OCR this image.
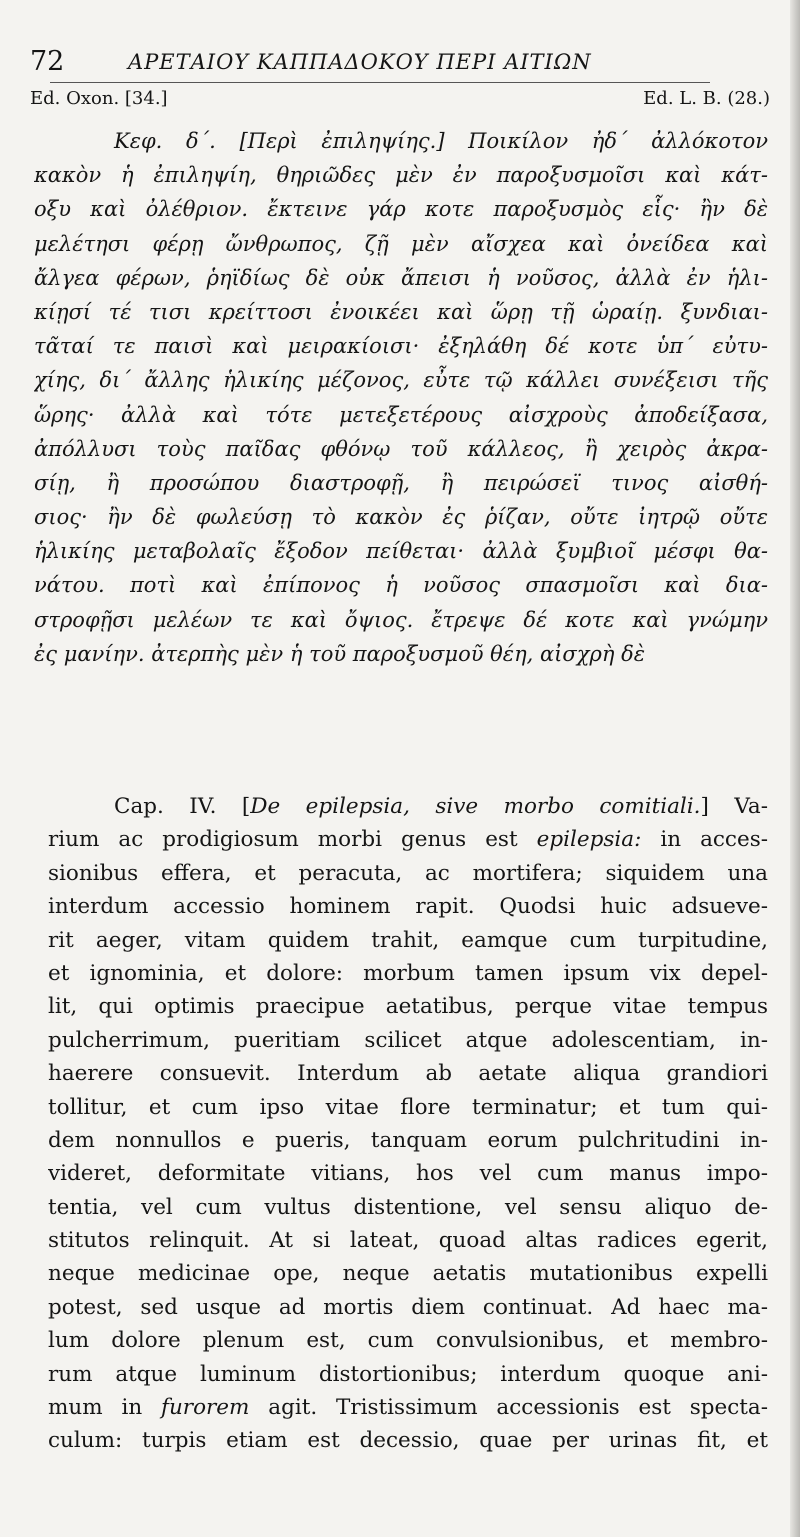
72	ΑΡΕΤΑΙΟΥ ΚΑΠΠΑΔΟΚΟΥ ΠΕΡΙ ΑΙΤΙΩΝ
Ed. Oxon. [34.]	Ed. L. B. (28.)
Κεφ. δ΄. [Περὶ ἐπιληψίης.] Ποικίλον ἠδ΄ ἀλλόκοτον
κακὸν ἡ ἐπιληψίη, θηριῶδες μὲν ἐν παροξυσμοῖσι καὶ κάτ-
οξυ καὶ ὀλέθριον. ἔκτεινε γάρ κοτε παροξυσμὸς εἷς· ἢν δὲ
μελέτησι φέρῃ ὤνθρωπος, ζῇ μὲν αἴσχεα καὶ ὀνείδεα καὶ
ἄλγεα φέρων, ῥηϊδίως δὲ οὐκ ἄπεισι ἡ νοῦσος, ἀλλὰ ἐν ἡλι-
κίῃσί τέ τισι κρείττοσι ἐνοικέει καὶ ὥρῃ τῇ ὡραίῃ. ξυνδιαι-
τᾶταί τε παισὶ καὶ μειρακίοισι· ἐξηλάθη δέ κοτε ὑπ΄ εὐτυ-
χίης, δι΄ ἄλλης ἡλικίης μέζονος, εὖτε τῷ κάλλει συνέξεισι τῆς
ὥρης· ἀλλὰ καὶ τότε μετεξετέρους αἰσχροὺς ἀποδείξασα,
ἀπόλλυσι τοὺς παῖδας φθόνῳ τοῦ κάλλεος, ἢ χειρὸς ἀκρα-
σίῃ, ἢ προσώπου διαστροφῇ, ἢ πειρώσεϊ τινος αἰσθή-
σιος· ἢν δὲ φωλεύσῃ τὸ κακὸν ἐς ῥίζαν, οὔτε ἰητρῷ οὔτε
ἡλικίης μεταβολαῖς ἔξοδον πείθεται· ἀλλὰ ξυμβιοῖ μέσφι θα-
νάτου. ποτὶ καὶ ἐπίπονος ἡ νοῦσος σπασμοῖσι καὶ δια-
στροφῇσι μελέων τε καὶ ὄψιος. ἔτρεψε δέ κοτε καὶ γνώμην
ἐς μανίην. ἀτερπὴς μὲν ἡ τοῦ παροξυσμοῦ θέη, αἰσχρὴ δὲ
Cap. IV. [De epilepsia, sive morbo comitiali.] Va-
rium ac prodigiosum morbi genus est epilepsia: in acces-
sionibus effera, et peracuta, ac mortifera; siquidem una
interdum accessio hominem rapit. Quodsi huic adsueve-
rit aeger, vitam quidem trahit, eamque cum turpitudine,
et ignominia, et dolore: morbum tamen ipsum vix depel-
lit, qui optimis praecipue aetatibus, perque vitae tempus
pulcherrimum, pueritiam scilicet atque adolescentiam, in-
haerere consuevit. Interdum ab aetate aliqua grandiori
tollitur, et cum ipso vitae flore terminatur; et tum qui-
dem nonnullos e pueris, tanquam eorum pulchritudini in-
videret, deformitate vitians, hos vel cum manus impo-
tentia, vel cum vultus distentione, vel sensu aliquo de-
stitutos relinquit. At si lateat, quoad altas radices egerit,
neque medicinae ope, neque aetatis mutationibus expelli
potest, sed usque ad mortis diem continuat. Ad haec ma-
lum dolore plenum est, cum convulsionibus, et membro-
rum atque luminum distortionibus; interdum quoque ani-
mum in furorem agit. Tristissimum accessionis est specta-
culum: turpis etiam est decessio, quae per urinas fit, et
